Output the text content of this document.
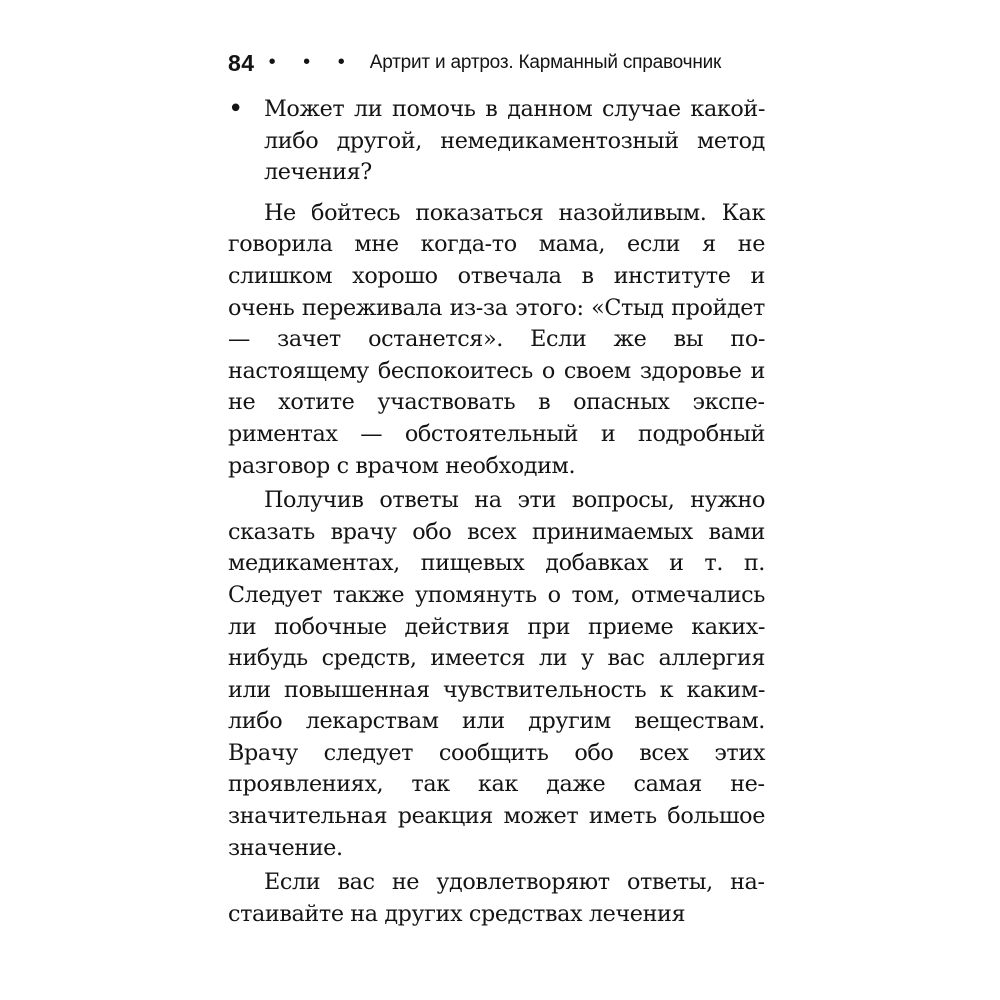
84 • • • Артрит и артроз. Карманный справочник
• Может ли помочь в данном случае какой-либо другой, немедикаментозный метод лечения?

Не бойтесь показаться назойливым. Как говорила мне когда-то мама, если я не слишком хорошо отвечала в институте и очень переживала из-за этого: «Стыд пройдет — зачет останется». Если же вы по-настоящему беспокоитесь о своем здоровье и не хотите участвовать в опасных экспериментах — обстоятельный и подробный разговор с врачом необходим.

Получив ответы на эти вопросы, нужно сказать врачу обо всех принимаемых вами медикаментах, пищевых добавках и т. п. Следует также упомянуть о том, отмечались ли побочные действия при приеме каких-нибудь средств, имеется ли у вас аллергия или повышенная чувствительность к каким-либо лекарствам или другим веществам. Врачу следует сообщить обо всех этих проявлениях, так как даже самая незначительная реакция может иметь большое значение.

Если вас не удовлетворяют ответы, настаивайте на других средствах лечения
